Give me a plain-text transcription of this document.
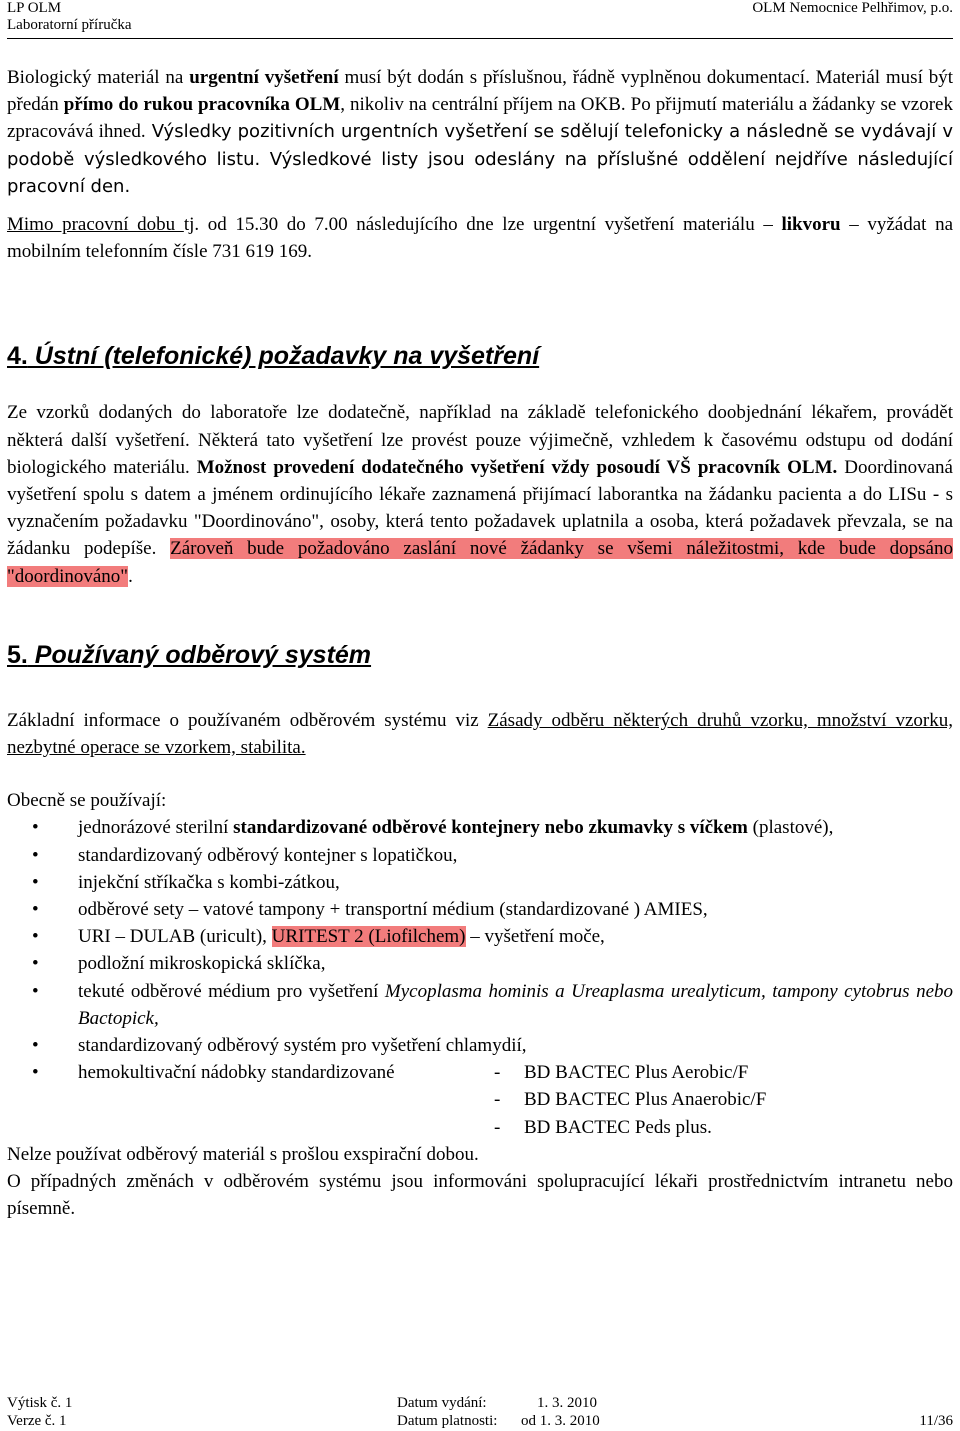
LP OLM
Laboratorní příručka
OLM Nemocnice Pelhřimov, p.o.

Biologický materiál na urgentní vyšetření musí být dodán s příslušnou, řádně vyplněnou dokumentací. Materiál musí být předán přímo do rukou pracovníka OLM, nikoliv na centrální příjem na OKB. Po přijmutí materiálu a žádanky se vzorek zpracovává ihned. Výsledky pozitivních urgentních vyšetření se sdělují telefonicky a následně se vydávají v podobě výsledkového listu. Výsledkové listy jsou odeslány na příslušné oddělení nejdříve následující pracovní den.

Mimo pracovní dobu tj. od 15.30 do 7.00 následujícího dne lze urgentní vyšetření materiálu – likvoru – vyžádat na mobilním telefonním čísle 731 619 169.

4. Ústní (telefonické) požadavky na vyšetření

Ze vzorků dodaných do laboratoře lze dodatečně, například na základě telefonického doobjednání lékařem, provádět některá další vyšetření. Některá tato vyšetření lze provést pouze výjimečně, vzhledem k časovému odstupu od dodání biologického materiálu. Možnost provedení dodatečného vyšetření vždy posoudí VŠ pracovník OLM. Doordinovaná vyšetření spolu s datem a jménem ordinujícího lékaře zaznamená přijímací laborantka na žádanku pacienta a do LISu - s vyznačením požadavku "Doordinováno", osoby, která tento požadavek uplatnila a osoba, která požadavek převzala, se na žádanku podepíše. Zároveň bude požadováno zaslání nové žádanky se všemi náležitostmi, kde bude dopsáno "doordinováno".

5. Používaný odběrový systém

Základní informace o používaném odběrovém systému viz Zásady odběru některých druhů vzorku, množství vzorku, nezbytné operace se vzorkem, stabilita.

Obecně se používají:

• jednorázové sterilní standardizované odběrové kontejnery nebo zkumavky s víčkem (plastové),
• standardizovaný odběrový kontejner s lopatičkou,
• injekční stříkačka s kombi-zátkou,
• odběrové sety – vatové tampony + transportní médium (standardizované ) AMIES,
• URI – DULAB (uricult), URITEST 2 (Liofilchem) – vyšetření moče,
• podložní mikroskopická sklíčka,
• tekuté odběrové médium pro vyšetření Mycoplasma hominis a Ureaplasma urealyticum, tampony cytobrus nebo Bactopick,
• standardizovaný odběrový systém pro vyšetření chlamydií,
• hemokultivační nádobky standardizované	-	BD BACTEC Plus Aerobic/F
-	BD BACTEC Plus Anaerobic/F
-	BD BACTEC Peds plus.

Nelze používat odběrový materiál s prošlou exspirační dobou.

O případných změnách v odběrovém systému jsou informováni spolupracující lékaři prostřednictvím intranetu nebo písemně.

Výtisk č. 1	Datum vydání:	1. 3. 2010
Verze č. 1	Datum platnosti: od 1. 3. 2010	11/36
